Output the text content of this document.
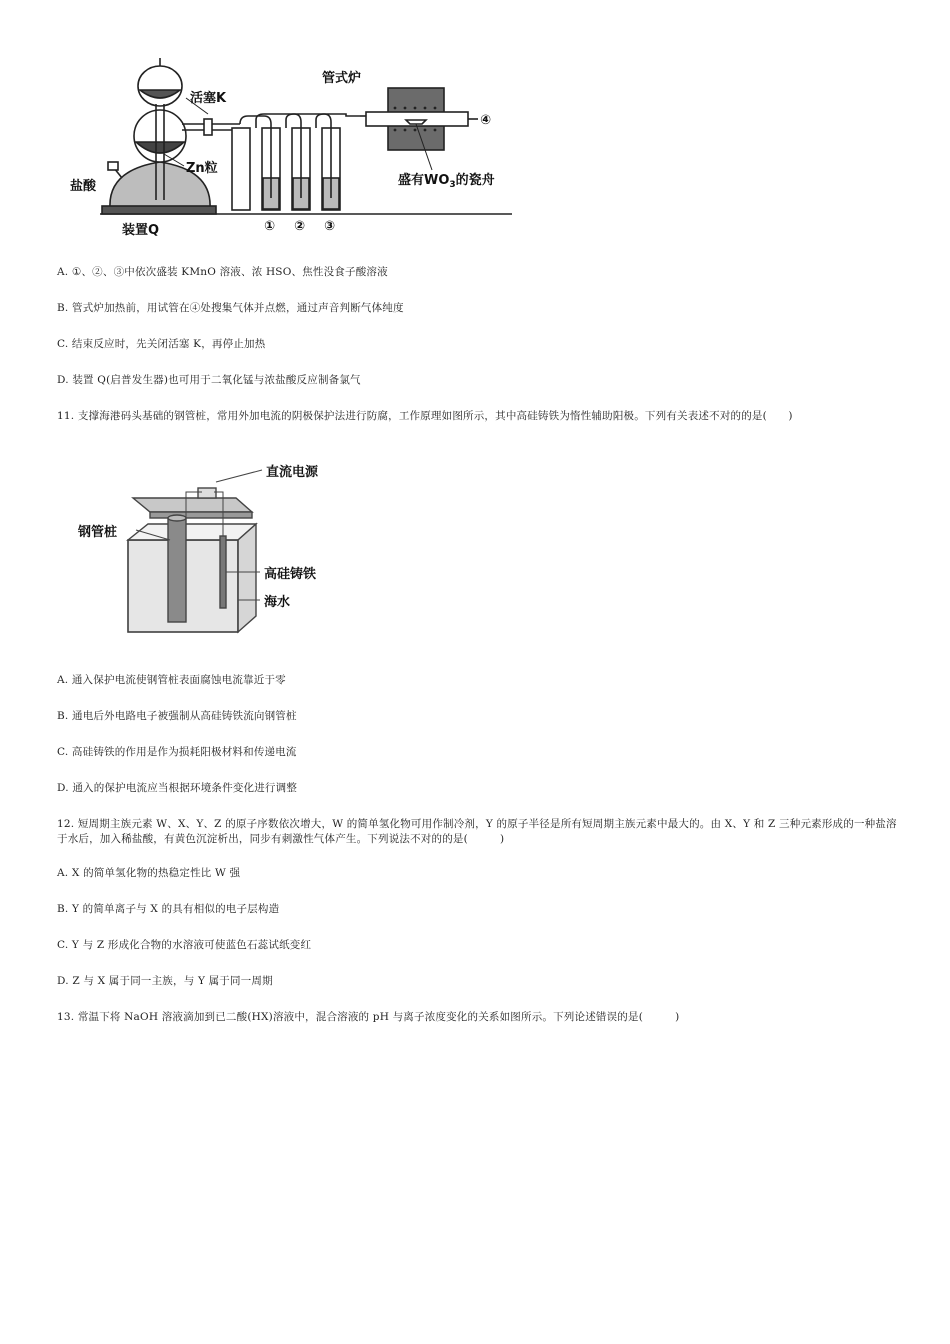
活塞K
Zn粒
盐酸
装置Q
管式炉
盛有$WO_3$的瓷舟
① ② ③
④
A. ①、②、③中依次盛装 KMnO 溶液、浓 HSO、焦性没食子酸溶液
B. 管式炉加热前，用试管在④处搜集气体并点燃，通过声音判断气体纯度
C. 结束反应时，先关闭活塞 K，再停止加热
D. 装置 Q(启普发生器)也可用于二氧化锰与浓盐酸反应制备氯气
11. 支撑海港码头基础的钢管桩，常用外加电流的阴极保护法进行防腐，工作原理如图所示，其中高硅铸铁为惰性辅助阳极。下列有关表述不对的的是(　　)
直流电源
钢管桩
高硅铸铁
海水
A. 通入保护电流使钢管桩表面腐蚀电流靠近于零
B. 通电后外电路电子被强制从高硅铸铁流向钢管桩
C. 高硅铸铁的作用是作为损耗阳极材料和传递电流
D. 通入的保护电流应当根据环境条件变化进行调整
12. 短周期主族元素 W、X、Y、Z 的原子序数依次增大，W 的简单氢化物可用作制冷剂，Y 的原子半径是所有短周期主族元素中最大的。由 X、Y 和 Z 三种元素形成的一种盐溶于水后，加入稀盐酸，有黄色沉淀析出，同步有刺激性气体产生。下列说法不对的的是(　　　)
A. X 的简单氢化物的热稳定性比 W 强
B. Y 的简单离子与 X 的具有相似的电子层构造
C. Y 与 Z 形成化合物的水溶液可使蓝色石蕊试纸变红
D. Z 与 X 属于同一主族，与 Y 属于同一周期
13. 常温下将 NaOH 溶液滴加到已二酸(HX)溶液中，混合溶液的 pH 与离子浓度变化的关系如图所示。下列论述错误的是(　　　)
